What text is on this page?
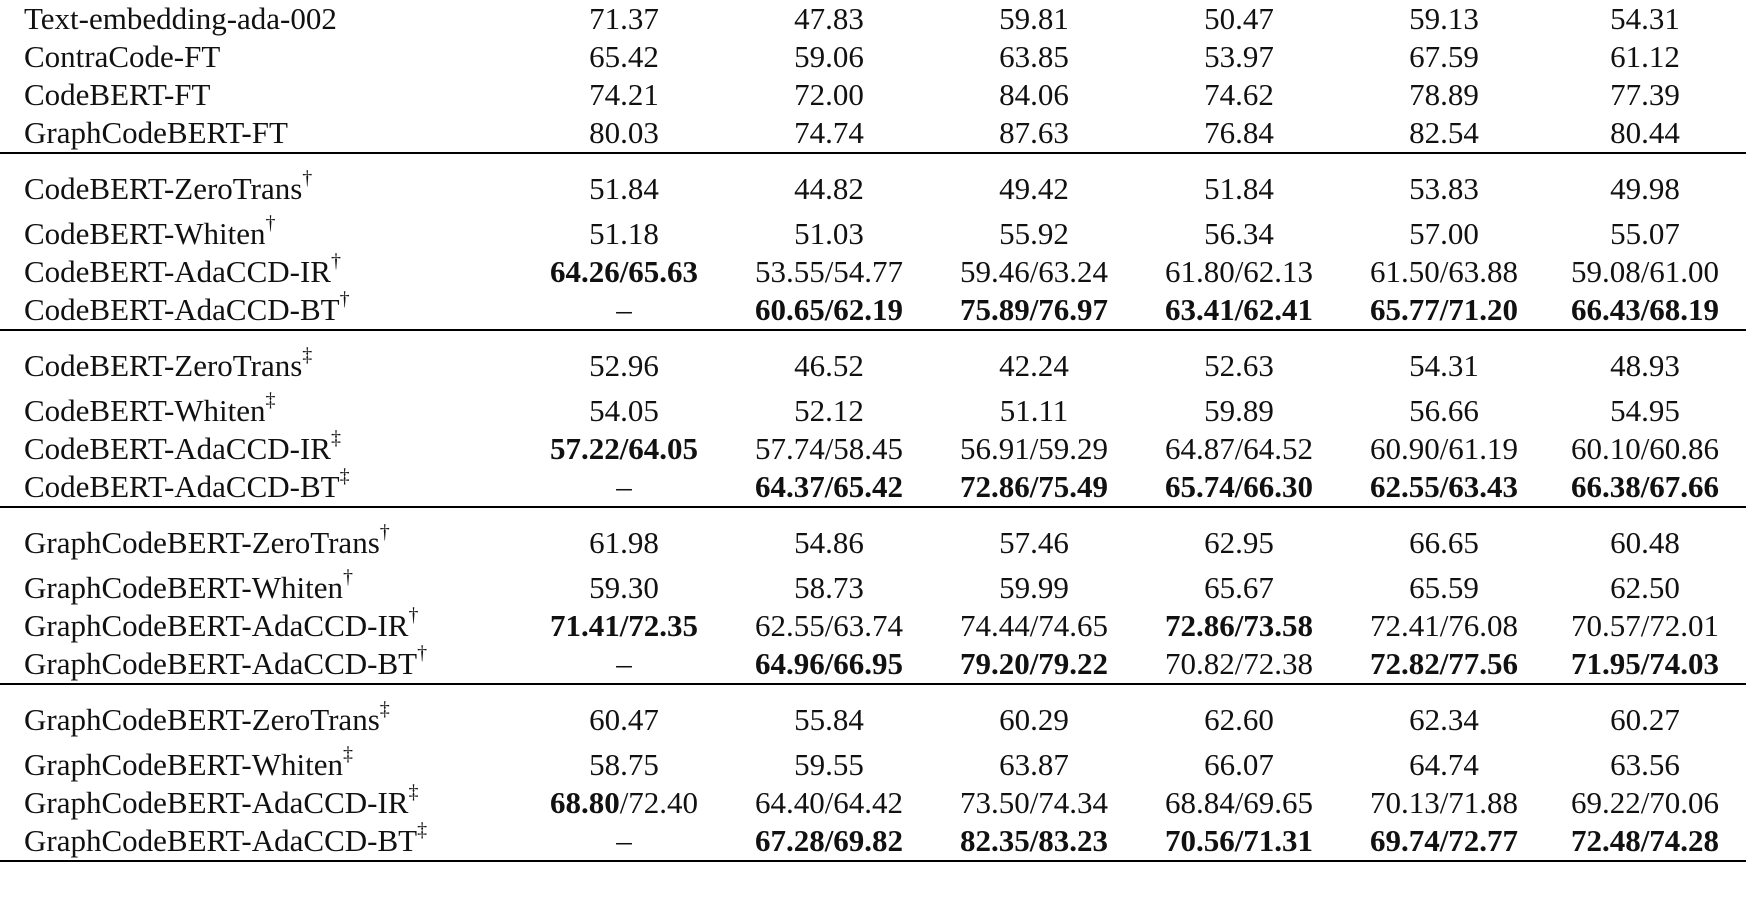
Text-embedding-ada-002	71.37	47.83	59.81	50.47	59.13	54.31
ContraCode-FT	65.42	59.06	63.85	53.97	67.59	61.12
CodeBERT-FT	74.21	72.00	84.06	74.62	78.89	77.39
GraphCodeBERT-FT	80.03	74.74	87.63	76.84	82.54	80.44
CodeBERT-ZeroTrans†	51.84	44.82	49.42	51.84	53.83	49.98
CodeBERT-Whiten†	51.18	51.03	55.92	56.34	57.00	55.07
CodeBERT-AdaCCD-IR†	64.26/65.63	53.55/54.77	59.46/63.24	61.80/62.13	61.50/63.88	59.08/61.00
CodeBERT-AdaCCD-BT†	–	60.65/62.19	75.89/76.97	63.41/62.41	65.77/71.20	66.43/68.19
CodeBERT-ZeroTrans‡	52.96	46.52	42.24	52.63	54.31	48.93
CodeBERT-Whiten‡	54.05	52.12	51.11	59.89	56.66	54.95
CodeBERT-AdaCCD-IR‡	57.22/64.05	57.74/58.45	56.91/59.29	64.87/64.52	60.90/61.19	60.10/60.86
CodeBERT-AdaCCD-BT‡	–	64.37/65.42	72.86/75.49	65.74/66.30	62.55/63.43	66.38/67.66
GraphCodeBERT-ZeroTrans†	61.98	54.86	57.46	62.95	66.65	60.48
GraphCodeBERT-Whiten†	59.30	58.73	59.99	65.67	65.59	62.50
GraphCodeBERT-AdaCCD-IR†	71.41/72.35	62.55/63.74	74.44/74.65	72.86/73.58	72.41/76.08	70.57/72.01
GraphCodeBERT-AdaCCD-BT†	–	64.96/66.95	79.20/79.22	70.82/72.38	72.82/77.56	71.95/74.03
GraphCodeBERT-ZeroTrans‡	60.47	55.84	60.29	62.60	62.34	60.27
GraphCodeBERT-Whiten‡	58.75	59.55	63.87	66.07	64.74	63.56
GraphCodeBERT-AdaCCD-IR‡	68.80/72.40	64.40/64.42	73.50/74.34	68.84/69.65	70.13/71.88	69.22/70.06
GraphCodeBERT-AdaCCD-BT‡	–	67.28/69.82	82.35/83.23	70.56/71.31	69.74/72.77	72.48/74.28
